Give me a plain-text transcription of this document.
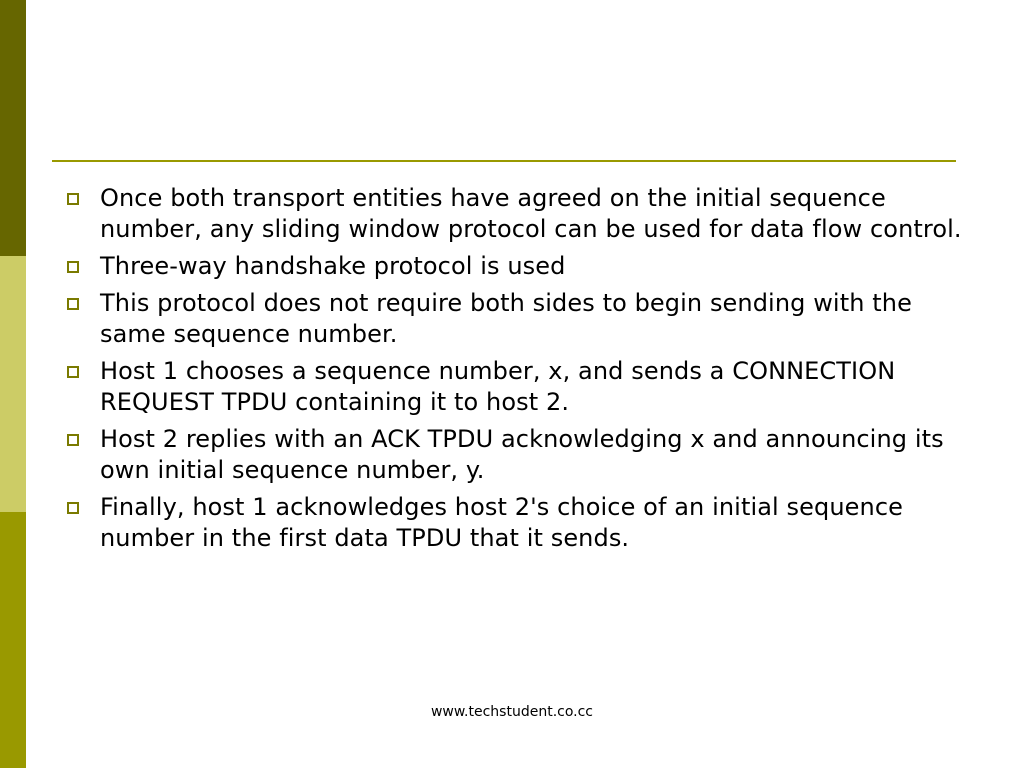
Once both transport entities have agreed on the initial sequence number, any sliding window protocol can be used for data flow control.
Three-way handshake protocol is used
This protocol does not require both sides to begin sending with the same sequence number.
Host 1 chooses a sequence number, x, and sends a CONNECTION REQUEST TPDU containing it to host 2.
Host 2 replies with an ACK TPDU acknowledging x and announcing its own initial sequence number, y.
Finally, host 1 acknowledges host 2's choice of an initial sequence number in the first data TPDU that it sends.
www.techstudent.co.cc
